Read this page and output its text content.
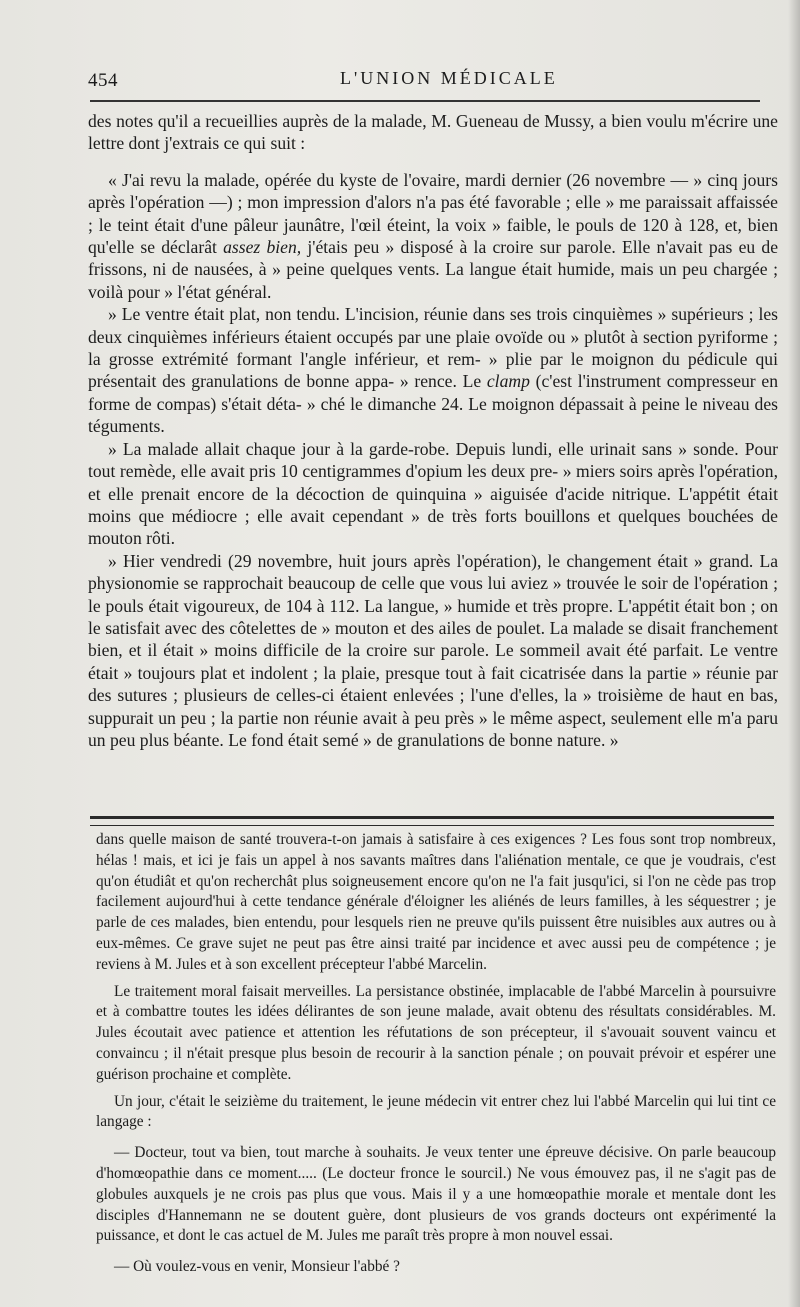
454	L'UNION MÉDICALE

des notes qu'il a recueillies auprès de la malade, M. Gueneau de Mussy, a bien voulu m'écrire une lettre dont j'extrais ce qui suit :

« J'ai revu la malade, opérée du kyste de l'ovaire, mardi dernier (26 novembre — » cinq jours après l'opération —) ; mon impression d'alors n'a pas été favorable ; elle » me paraissait affaissée ; le teint était d'une pâleur jaunâtre, l'œil éteint, la voix » faible, le pouls de 120 à 128, et, bien qu'elle se déclarât assez bien, j'étais peu » disposé à la croire sur parole. Elle n'avait pas eu de frissons, ni de nausées, à » peine quelques vents. La langue était humide, mais un peu chargée ; voilà pour » l'état général.

» Le ventre était plat, non tendu. L'incision, réunie dans ses trois cinquièmes » supérieurs ; les deux cinquièmes inférieurs étaient occupés par une plaie ovoïde ou » plutôt à section pyriforme ; la grosse extrémité formant l'angle inférieur, et rem- » plie par le moignon du pédicule qui présentait des granulations de bonne appa- » rence. Le clamp (c'est l'instrument compresseur en forme de compas) s'était déta- » ché le dimanche 24. Le moignon dépassait à peine le niveau des téguments.

» La malade allait chaque jour à la garde-robe. Depuis lundi, elle urinait sans » sonde. Pour tout remède, elle avait pris 10 centigrammes d'opium les deux pre- » miers soirs après l'opération, et elle prenait encore de la décoction de quinquina » aiguisée d'acide nitrique. L'appétit était moins que médiocre ; elle avait cependant » de très forts bouillons et quelques bouchées de mouton rôti.

» Hier vendredi (29 novembre, huit jours après l'opération), le changement était » grand. La physionomie se rapprochait beaucoup de celle que vous lui aviez » trouvée le soir de l'opération ; le pouls était vigoureux, de 104 à 112. La langue, » humide et très propre. L'appétit était bon ; on le satisfait avec des côtelettes de » mouton et des ailes de poulet. La malade se disait franchement bien, et il était » moins difficile de la croire sur parole. Le sommeil avait été parfait. Le ventre était » toujours plat et indolent ; la plaie, presque tout à fait cicatrisée dans la partie » réunie par des sutures ; plusieurs de celles-ci étaient enlevées ; l'une d'elles, la » troisième de haut en bas, suppurait un peu ; la partie non réunie avait à peu près » le même aspect, seulement elle m'a paru un peu plus béante. Le fond était semé » de granulations de bonne nature. »

dans quelle maison de santé trouvera-t-on jamais à satisfaire à ces exigences ? Les fous sont trop nombreux, hélas ! mais, et ici je fais un appel à nos savants maîtres dans l'aliénation mentale, ce que je voudrais, c'est qu'on étudiât et qu'on recherchât plus soigneusement encore qu'on ne l'a fait jusqu'ici, si l'on ne cède pas trop facilement aujourd'hui à cette tendance générale d'éloigner les aliénés de leurs familles, à les séquestrer ; je parle de ces malades, bien entendu, pour lesquels rien ne preuve qu'ils puissent être nuisibles aux autres ou à eux-mêmes. Ce grave sujet ne peut pas être ainsi traité par incidence et avec aussi peu de compétence ; je reviens à M. Jules et à son excellent précepteur l'abbé Marcelin.

Le traitement moral faisait merveilles. La persistance obstinée, implacable de l'abbé Marcelin à poursuivre et à combattre toutes les idées délirantes de son jeune malade, avait obtenu des résultats considérables. M. Jules écoutait avec patience et attention les réfutations de son précepteur, il s'avouait souvent vaincu et convaincu ; il n'était presque plus besoin de recourir à la sanction pénale ; on pouvait prévoir et espérer une guérison prochaine et complète.

Un jour, c'était le seizième du traitement, le jeune médecin vit entrer chez lui l'abbé Marcelin qui lui tint ce langage :

— Docteur, tout va bien, tout marche à souhaits. Je veux tenter une épreuve décisive. On parle beaucoup d'homœopathie dans ce moment..... (Le docteur fronce le sourcil.) Ne vous émouvez pas, il ne s'agit pas de globules auxquels je ne crois pas plus que vous. Mais il y a une homœopathie morale et mentale dont les disciples d'Hannemann ne se doutent guère, dont plusieurs de vos grands docteurs ont expérimenté la puissance, et dont le cas actuel de M. Jules me paraît très propre à mon nouvel essai.

— Où voulez-vous en venir, Monsieur l'abbé ?
